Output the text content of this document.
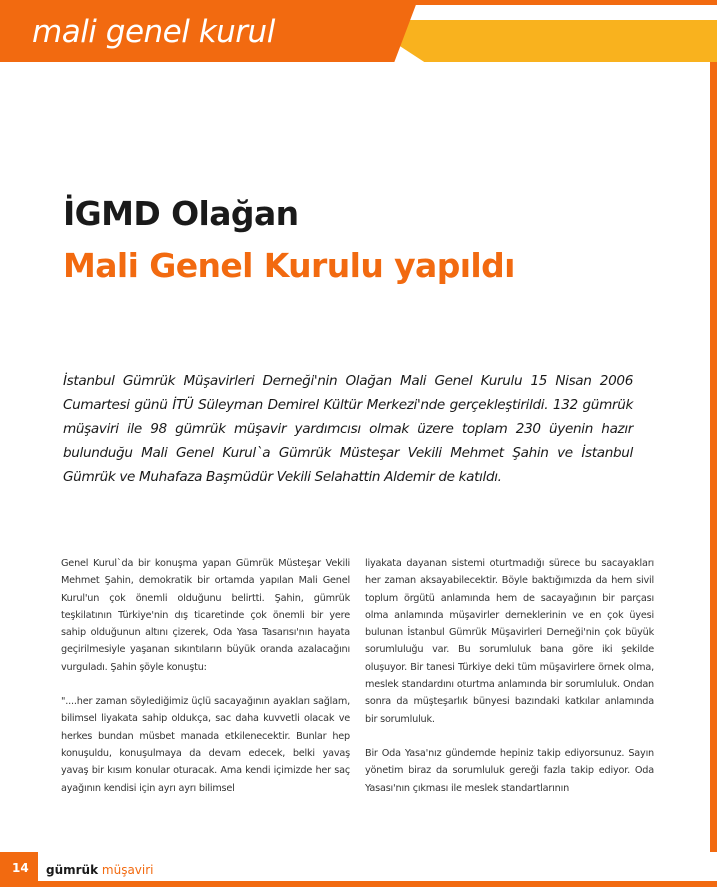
mali genel kurul
İGMD Olağan
Mali Genel Kurulu yapıldı

İstanbul Gümrük Müşavirleri Derneği'nin Olağan Mali Genel Kurulu 15 Nisan 2006 Cumartesi günü İTÜ Süleyman Demirel Kültür Merkezi'nde gerçekleştirildi. 132 gümrük müşaviri ile 98 gümrük müşavir yardımcısı olmak üzere toplam 230 üyenin hazır bulunduğu Mali Genel Kurul`a Gümrük Müsteşar Vekili Mehmet Şahin ve İstanbul Gümrük ve Muhafaza Başmüdür Vekili Selahattin Aldemir de katıldı.

Genel Kurul`da bir konuşma yapan Gümrük Müsteşar Vekili Mehmet Şahin, demokratik bir ortamda yapılan Mali Genel Kurul'un çok önemli olduğunu belirtti. Şahin, gümrük teşkilatının Türkiye'nin dış ticaretinde çok önemli bir yere sahip olduğunun altını çizerek, Oda Yasa Tasarısı'nın hayata geçirilmesiyle yaşanan sıkıntıların büyük oranda azalacağını vurguladı. Şahin şöyle konuştu:

"....her zaman söylediğimiz üçlü sacayağının ayakları sağlam, bilimsel liyakata sahip oldukça, sac daha kuvvetli olacak ve herkes bundan müsbet manada etkilenecektir. Bunlar hep konuşuldu, konuşulmaya da devam edecek, belki yavaş yavaş bir kısım konular oturacak. Ama kendi içimizde her saç ayağının kendisi için ayrı ayrı bilimsel

liyakata dayanan sistemi oturtmadığı sürece bu sacayakları her zaman aksayabilecektir. Böyle baktığımızda da hem sivil toplum örgütü anlamında hem de sacayağının bir parçası olma anlamında müşavirler derneklerinin ve en çok üyesi bulunan İstanbul Gümrük Müşavirleri Derneği'nin çok büyük sorumluluğu var. Bu sorumluluk bana göre iki şekilde oluşuyor. Bir tanesi Türkiye deki tüm müşavirlere örnek olma, meslek standardını oturtma anlamında bir sorumluluk. Ondan sonra da müşteşarlık bünyesi bazındaki katkılar anlamında bir sorumluluk.

Bir Oda Yasa'nız gündemde hepiniz takip ediyorsunuz. Sayın yönetim biraz da sorumluluk gereği fazla takip ediyor. Oda Yasası'nın çıkması ile meslek standartlarının

14 gümrük müşaviri
